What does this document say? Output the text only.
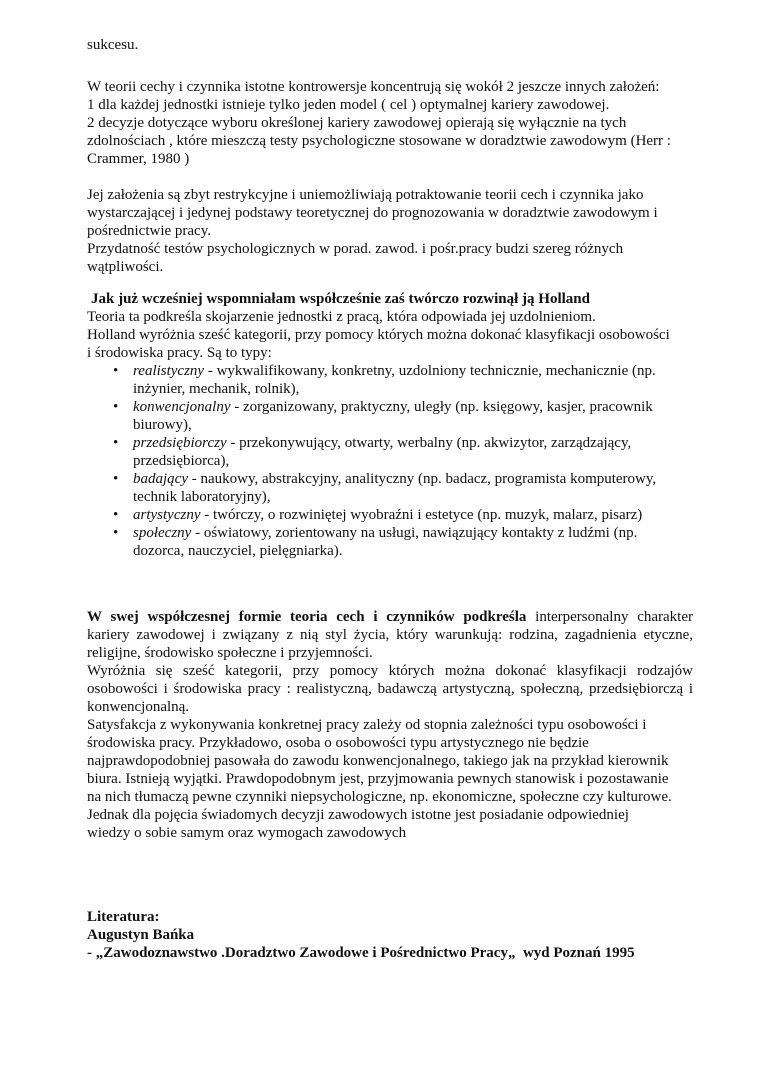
sukcesu.
W teorii cechy i czynnika istotne kontrowersje koncentrują się wokół 2 jeszcze innych założeń:
1 dla każdej jednostki istnieje tylko jeden model ( cel ) optymalnej kariery zawodowej.
2 decyzje dotyczące wyboru określonej kariery zawodowej opierają się wyłącznie na tych
zdolnościach , które mieszczą testy psychologiczne stosowane w doradztwie zawodowym (Herr :
Crammer, 1980 )
Jej założenia są zbyt restrykcyjne i uniemożliwiają potraktowanie teorii cech i czynnika jako
wystarczającej i jedynej podstawy teoretycznej do prognozowania w doradztwie zawodowym i
pośrednictwie pracy.
Przydatność testów psychologicznych w porad. zawod. i pośr.pracy budzi szereg różnych
wątpliwości.
Jak już wcześniej wspomniałam współcześnie zaś twórczo rozwinął ją Holland
Teoria ta podkreśla skojarzenie jednostki z pracą, która odpowiada jej uzdolnieniom.
Holland wyróżnia sześć kategorii, przy pomocy których można dokonać klasyfikacji osobowości
i środowiska pracy. Są to typy:
• realistyczny - wykwalifikowany, konkretny, uzdolniony technicznie, mechanicznie (np.
inżynier, mechanik, rolnik),
• konwencjonalny - zorganizowany, praktyczny, uległy (np. księgowy, kasjer, pracownik
biurowy),
• przedsiębiorczy - przekonywujący, otwarty, werbalny (np. akwizytor, zarządzający,
przedsiębiorca),
• badający - naukowy, abstrakcyjny, analityczny (np. badacz, programista komputerowy,
technik laboratoryjny),
• artystyczny - twórczy, o rozwiniętej wyobraźni i estetyce (np. muzyk, malarz, pisarz)
• społeczny - oświatowy, zorientowany na usługi, nawiązujący kontakty z ludźmi (np.
dozorca, nauczyciel, pielęgniarka).
W swej współczesnej formie teoria cech i czynników podkreśla interpersonalny charakter
kariery zawodowej i związany z nią styl życia, który warunkują: rodzina, zagadnienia etyczne,
religijne, środowisko społeczne i przyjemności.
Wyróżnia się sześć kategorii, przy pomocy których można dokonać klasyfikacji rodzajów
osobowości i środowiska pracy : realistyczną, badawczą artystyczną, społeczną, przedsiębiorczą i
konwencjonalną.
Satysfakcja z wykonywania konkretnej pracy zależy od stopnia zależności typu osobowości i
środowiska pracy. Przykładowo, osoba o osobowości typu artystycznego nie będzie
najprawdopodobniej pasowała do zawodu konwencjonalnego, takiego jak na przykład kierownik
biura. Istnieją wyjątki. Prawdopodobnym jest, przyjmowania pewnych stanowisk i pozostawanie
na nich tłumaczą pewne czynniki niepsychologiczne, np. ekonomiczne, społeczne czy kulturowe.
Jednak dla pojęcia świadomych decyzji zawodowych istotne jest posiadanie odpowiedniej
wiedzy o sobie samym oraz wymogach zawodowych
Literatura:
Augustyn Bańka
- „Zawodoznawstwo .Doradztwo Zawodowe i Pośrednictwo Pracy„  wyd Poznań 1995
